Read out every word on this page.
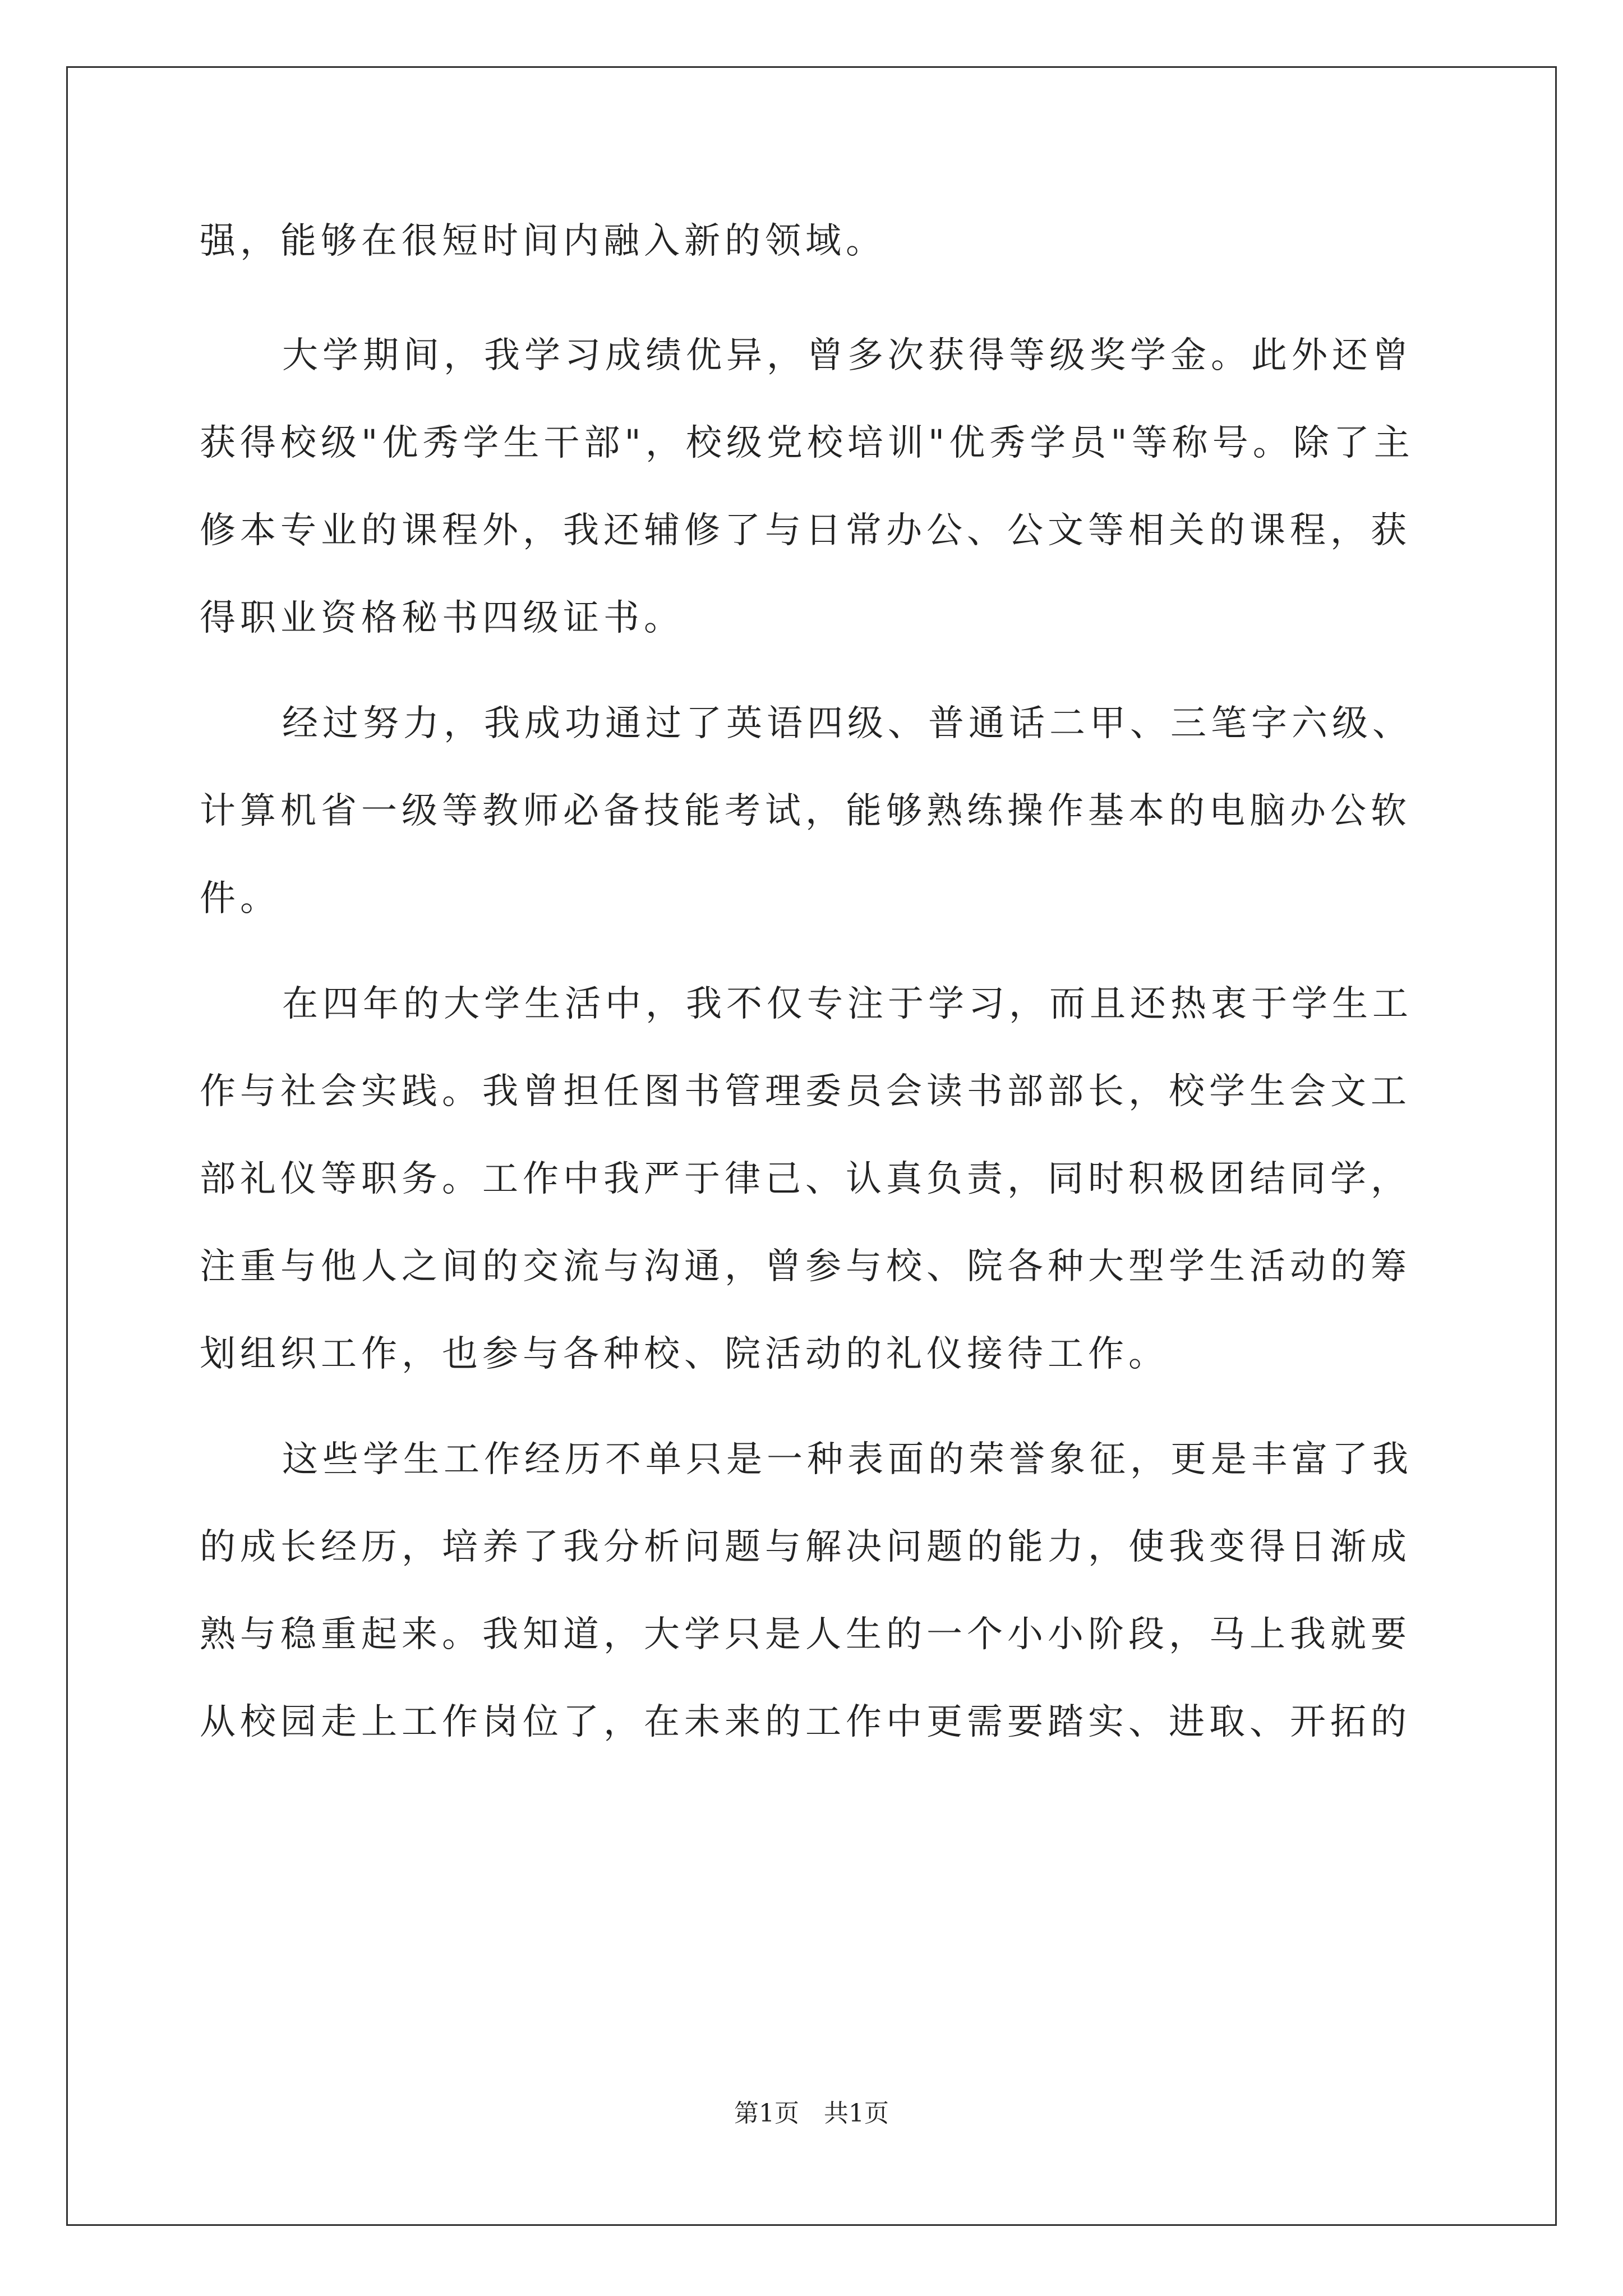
强，能够在很短时间内融入新的领域。
大学期间，我学习成绩优异，曾多次获得等级奖学金。此外还曾
获得校级"优秀学生干部"，校级党校培训"优秀学员"等称号。除了主
修本专业的课程外，我还辅修了与日常办公、公文等相关的课程，获
得职业资格秘书四级证书。
经过努力，我成功通过了英语四级、普通话二甲、三笔字六级、
计算机省一级等教师必备技能考试，能够熟练操作基本的电脑办公软
件。
在四年的大学生活中，我不仅专注于学习，而且还热衷于学生工
作与社会实践。我曾担任图书管理委员会读书部部长，校学生会文工
部礼仪等职务。工作中我严于律己、认真负责，同时积极团结同学，
注重与他人之间的交流与沟通，曾参与校、院各种大型学生活动的筹
划组织工作，也参与各种校、院活动的礼仪接待工作。
这些学生工作经历不单只是一种表面的荣誉象征，更是丰富了我
的成长经历，培养了我分析问题与解决问题的能力，使我变得日渐成
熟与稳重起来。我知道，大学只是人生的一个小小阶段，马上我就要
从校园走上工作岗位了，在未来的工作中更需要踏实、进取、开拓的
第1页　共1页
